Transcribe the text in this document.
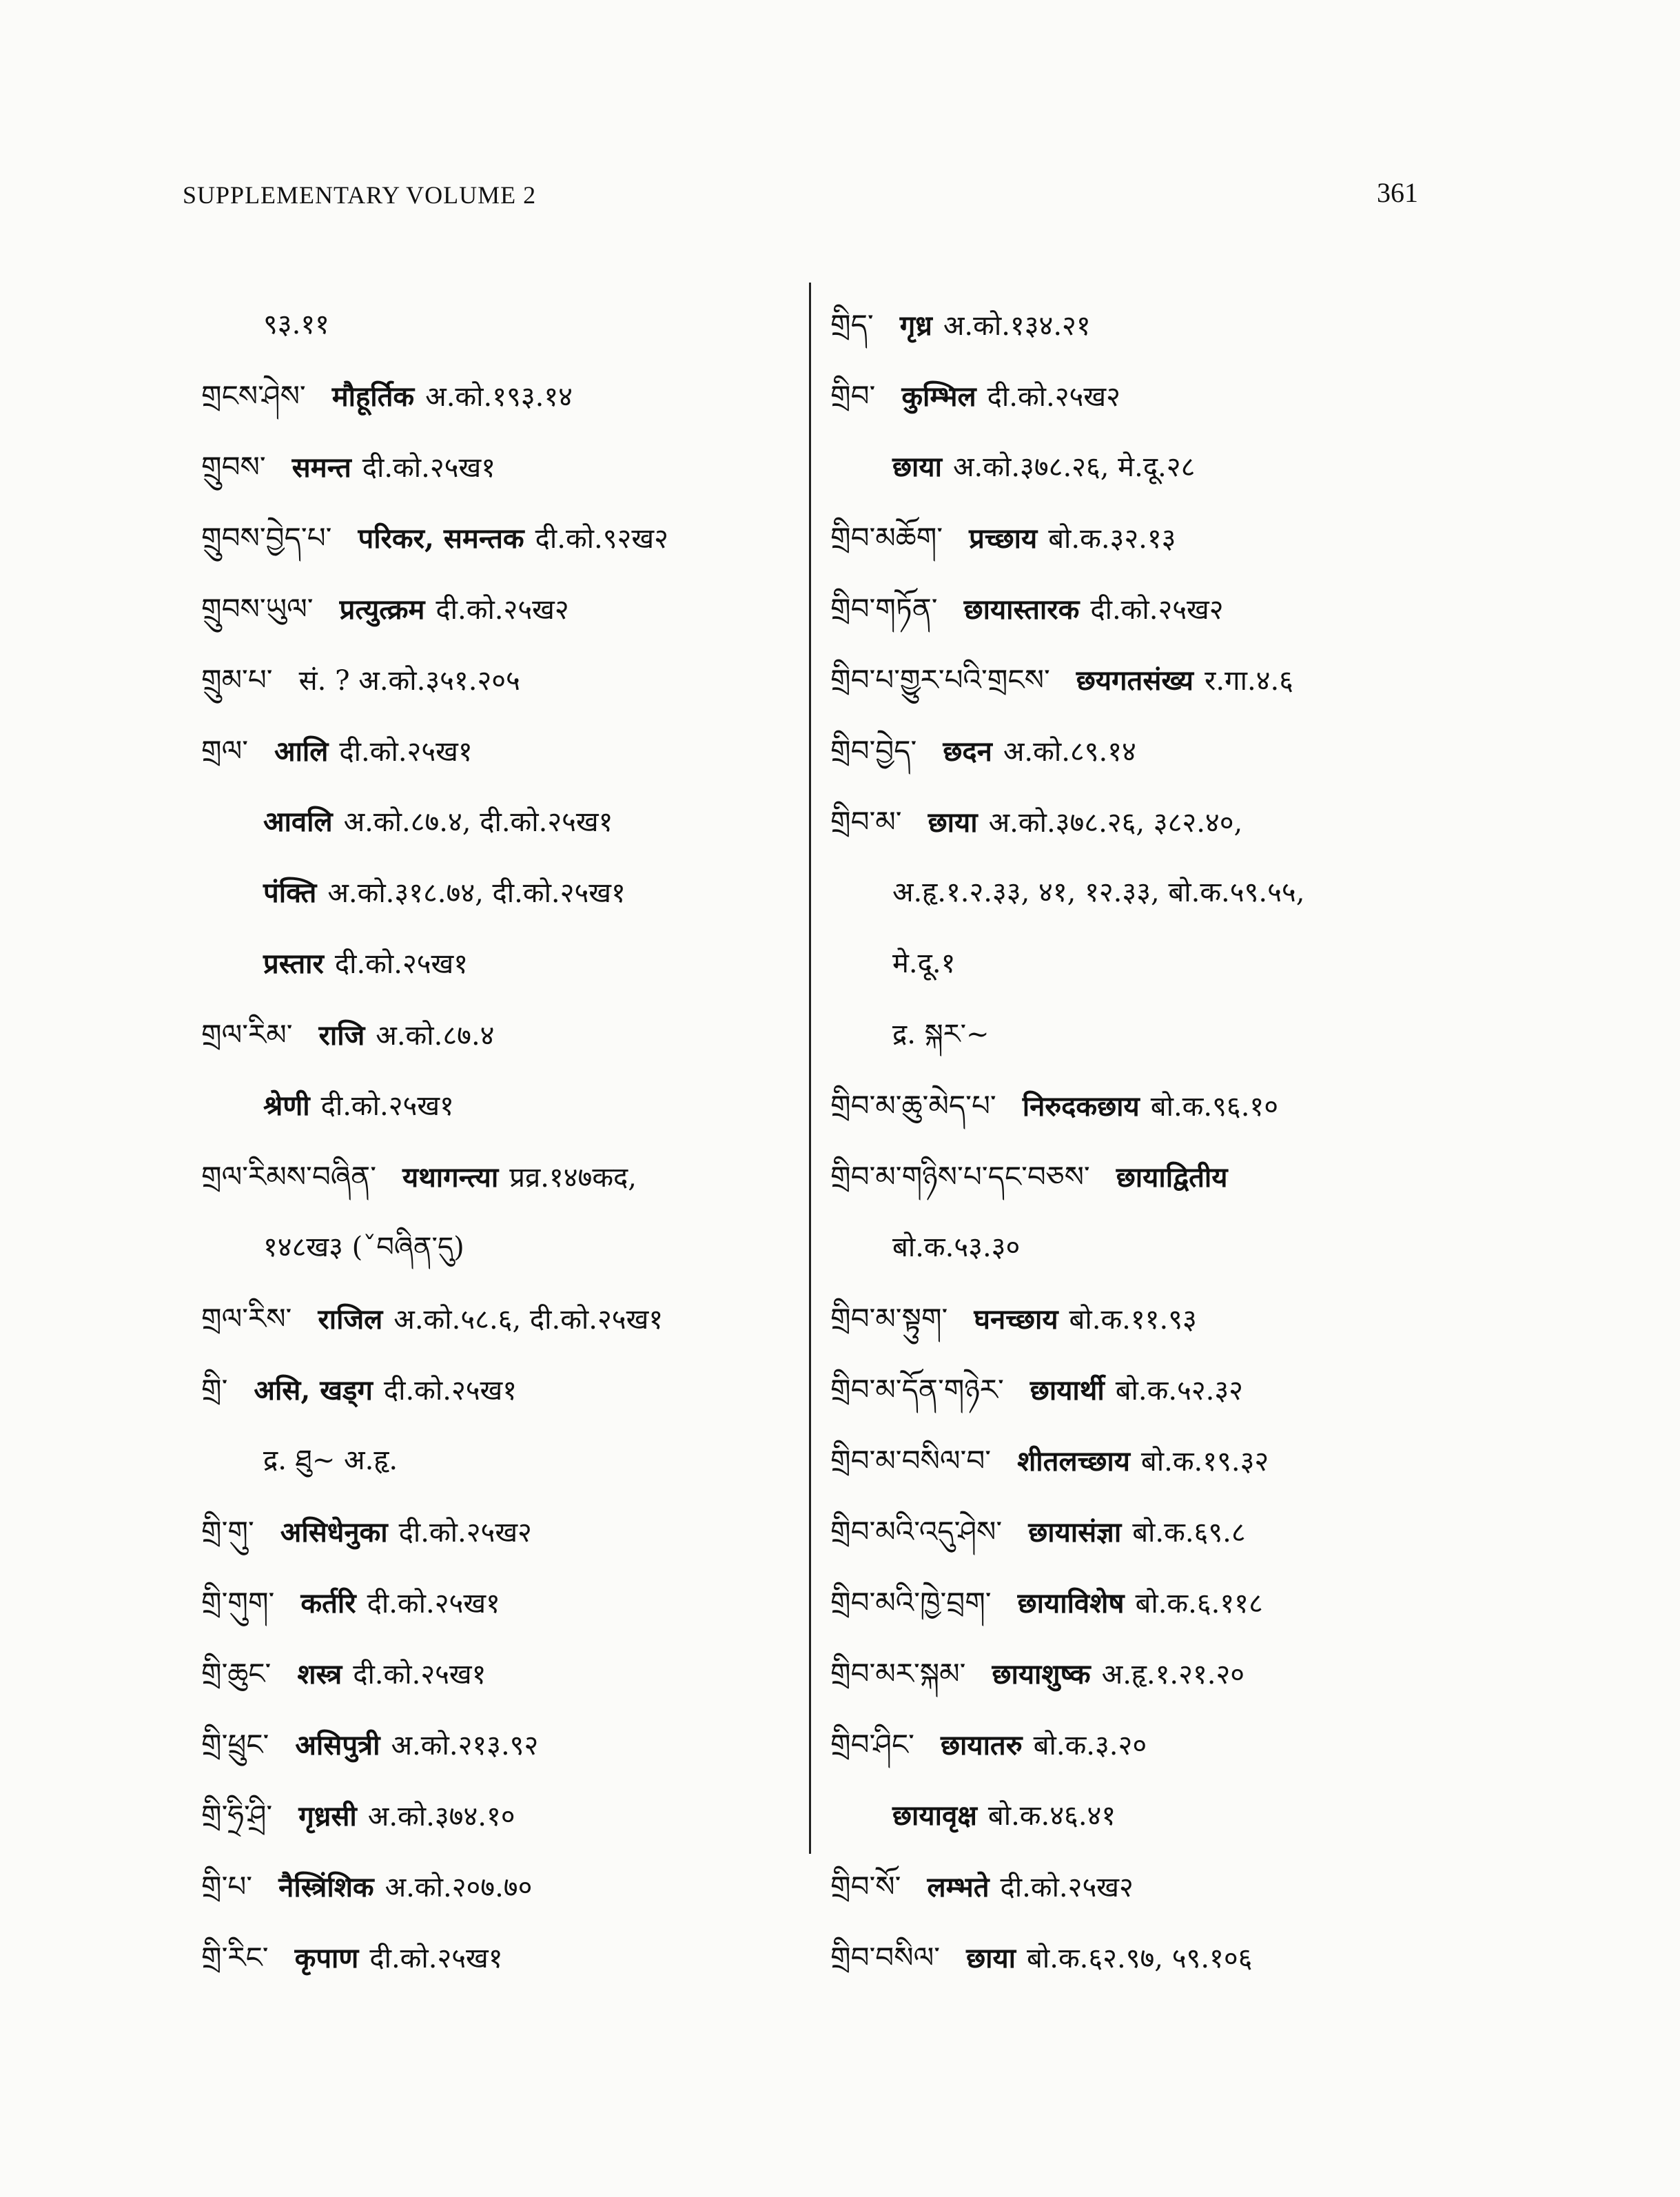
SUPPLEMENTARY VOLUME 2	361
९३.११
གྲངས་ཤེས་ मौहूर्तिक अ.को.१९३.१४
གྲུབས་ समन्त दी.को.२५ख१
གྲུབས་བྱེད་པ་ परिकर, समन्तक दी.को.९२ख२
གྲུབས་ཡུལ་ प्रत्युत्क्रम दी.को.२५ख२
གྲུམ་པ་ सं. ? अ.को.३५१.२०५
གྲལ་ आलि दी.को.२५ख१
आवलि अ.को.८७.४, दी.को.२५ख१
पंक्ति अ.को.३१८.७४, दी.को.२५ख१
प्रस्तार दी.को.२५ख१
གྲལ་རིམ་ राजि अ.को.८७.४
श्रेणी दी.को.२५ख१
གྲལ་རིམས་བཞིན་ यथागन्त्या प्रव्र.१४७कद,
१४८ख३ (ˇབཞིན་དུ)
གྲལ་རིས་ राजिल अ.को.५८.६, दी.को.२५ख१
གྲི་ असि, खड्ग दी.को.२५ख१
द्र. ཐུ~ अ.हृ.
གྲི་གུ་ असिधेनुका दी.को.२५ख२
གྲི་གུག་ कर्तरि दी.को.२५ख१
གྲི་ཆུང་ शस्त्र दी.को.२५ख१
གྲི་ཕྲུང་ असिपुत्री अ.को.२१३.९२
གྲི་ཧྲི་ཤྲི་ गृध्रसी अ.को.३७४.१०
གྲི་པ་ नैस्त्रिंशिक अ.को.२०७.७०
གྲི་རིང་ कृपाण दी.को.२५ख१
གྲིད་ गृध्र अ.को.१३४.२१
གྲིབ་ कुम्भिल दी.को.२५ख२
छाया अ.को.३७८.२६, मे.दू.२८
གྲིབ་མཆོག་ प्रच्छाय बो.क.३२.१३
གྲིབ་གཏོན་ छायास्तारक दी.को.२५ख२
གྲིབ་པ་གྱུར་པའི་གྲངས་ छयगतसंख्य र.गा.४.६
གྲིབ་བྱེད་ छदन अ.को.८९.१४
གྲིབ་མ་ छाया अ.को.३७८.२६, ३८२.४०,
अ.हृ.१.२.३३, ४१, १२.३३, बो.क.५९.५५,
मे.दू.१
द्र. སྐར་~
གྲིབ་མ་ཆུ་མེད་པ་ निरुदकछाय बो.क.९६.१०
གྲིབ་མ་གཉིས་པ་དང་བཅས་ छायाद्वितीय
बो.क.५३.३०
གྲིབ་མ་སྟུག་ घनच्छाय बो.क.११.९३
གྲིབ་མ་དོན་གཉེར་ छायार्थी बो.क.५२.३२
གྲིབ་མ་བསིལ་བ་ शीतलच्छाय बो.क.१९.३२
གྲིབ་མའི་འདུ་ཤེས་ छायासंज्ञा बो.क.६९.८
གྲིབ་མའི་ཁྱེ་བྲག་ छायाविशेष बो.क.६.११८
གྲིབ་མར་སྐམ་ छायाशुष्क अ.हृ.१.२१.२०
གྲིབ་ཤིང་ छायातरु बो.क.३.२०
छायावृक्ष बो.क.४६.४१
གྲིབ་སོ་ लम्भते दी.को.२५ख२
གྲིབ་བསིལ་ छाया बो.क.६२.९७, ५९.१०६
